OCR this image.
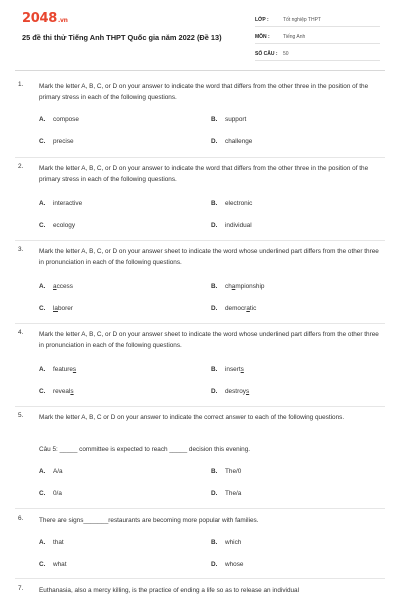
2048.vn
25 đề thi thử Tiếng Anh THPT Quốc gia năm 2022 (Đề 13)
LỚP :	Tốt nghiệp THPT
MÔN :	Tiếng Anh
SỐ CÂU :	50
1.	Mark the letter A, B, C, or D on your answer to indicate the word that differs from the other three in the position of the primary stress in each of the following questions.
A. compose	B. support
C. precise	D. challenge
2.	Mark the letter A, B, C, or D on your answer to indicate the word that differs from the other three in the position of the primary stress in each of the following questions.
A. interactive	B. electronic
C. ecology	D. individual
3.	Mark the letter A, B, C, or D on your answer sheet to indicate the word whose underlined part differs from the other three in pronunciation in each of the following questions.
A. access	B. championship
C. laborer	D. democratic
4.	Mark the letter A, B, C, or D on your answer sheet to indicate the word whose underlined part differs from the other three in pronunciation in each of the following questions.
A. features	B. inserts
C. reveals	D. destroys
5.	Mark the letter A, B, C or D on your answer to indicate the correct answer to each of the following questions.
Câu 5: _____ committee is expected to reach _____ decision this evening.
A. A/a	B. The/0
C. 0/a	D. The/a
6.	There are signs_______restaurants are becoming more popular with families.
A. that	B. which
C. what	D. whose
7.	Euthanasia, also a mercy killing, is the practice of ending a life so as to release an individual
